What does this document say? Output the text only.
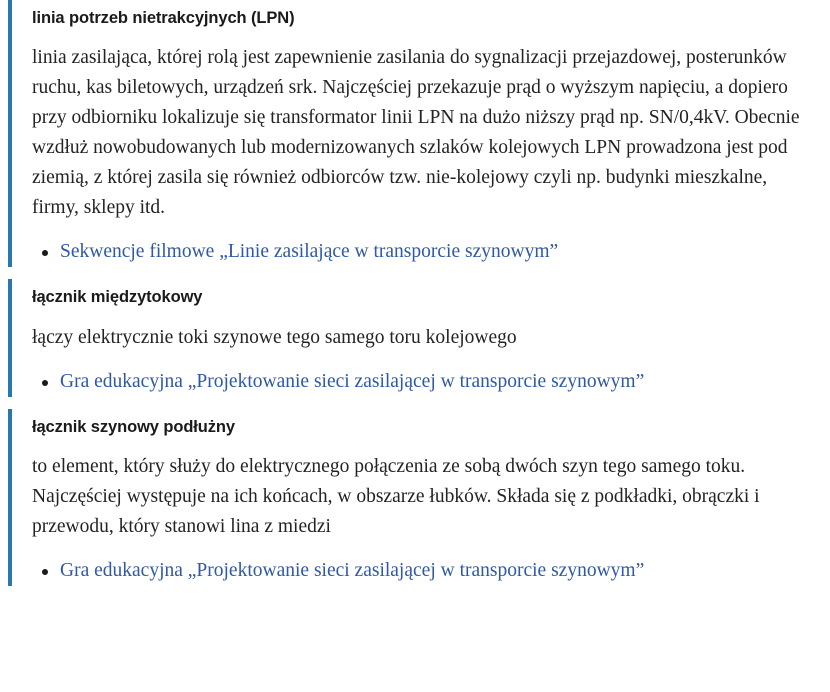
linia potrzeb nietrakcyjnych (LPN)

linia zasilająca, której rolą jest zapewnienie zasilania do sygnalizacji przejazdowej, posterunków ruchu, kas biletowych, urządzeń srk. Najczęściej przekazuje prąd o wyższym napięciu, a dopiero przy odbiorniku lokalizuje się transformator linii LPN na dużo niższy prąd np. SN/0,4kV. Obecnie wzdłuż nowobudowanych lub modernizowanych szlaków kolejowych LPN prowadzona jest pod ziemią, z której zasila się również odbiorców tzw. nie-kolejowy czyli np. budynki mieszkalne, firmy, sklepy itd.

Sekwencje filmowe „Linie zasilające w transporcie szynowym”

łącznik międzytokowy

łączy elektrycznie toki szynowe tego samego toru kolejowego

Gra edukacyjna „Projektowanie sieci zasilającej w transporcie szynowym”

łącznik szynowy podłużny

to element, który służy do elektrycznego połączenia ze sobą dwóch szyn tego samego toku. Najczęściej występuje na ich końcach, w obszarze łubków. Składa się z podkładki, obrączki i przewodu, który stanowi lina z miedzi

Gra edukacyjna „Projektowanie sieci zasilającej w transporcie szynowym”
